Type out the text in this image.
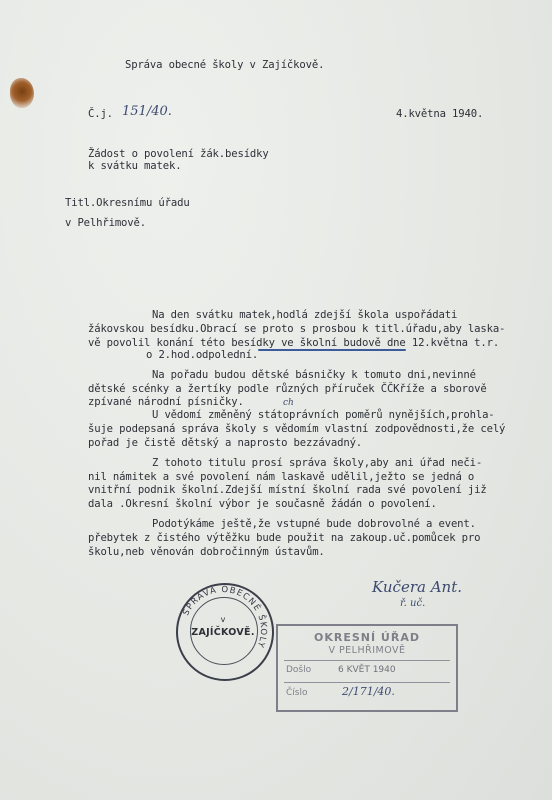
Správa obecné školy v Zajíčkově.
Č.j. 151/40.	4.května 1940.
Žádost o povolení žák.besídky
k svátku matek.
Titl.Okresnímu úřadu
v Pelhřimově.
Na den svátku matek,hodlá zdejší škola uspořádati
žákovskou besídku.Obrací se proto s prosbou k titl.úřadu,aby laska-
vě povolil konání této besídky ve školní budově dne 12.května t.r.
o 2.hod.odpolední.
Na pořadu budou dětské básničky k tomuto dni,nevinné
dětské scénky a žertíky podle různých příruček ČČKříže a sborově
zpívané národní písničky.
U vědomí změněný státoprávních poměrů nynějších,prohla-
ch
šuje podepsaná správa školy s vědomím vlastní zodpovědnosti,že celý
pořad je čistě dětský a naprosto bezzávadný.
Z tohoto titulu prosí správa školy,aby ani úřad neči-
nil námitek a své povolení nám laskavě udělil,ježto se jedná o
vnitřní podnik školní.Zdejší místní školní rada své povolení již
dala .Okresní školní výbor je současně žádán o povolení.
Podotýkáme ještě,že vstupné bude dobrovolné a event.
přebytek z čistého výtěžku bude použit na zakoup.uč.pomůcek pro
školu,neb věnován dobročinným ústavům.
Kučera Ant.
ř. uč.
SPRÁVA OBECNÉ ŠKOLY
v
ZAJÍČKOVĚ.	OKRESNÍ ÚŘAD
V PELHŘIMOVĚ
Došlo	6 KVĚT 1940
Číslo	2/171/40.
